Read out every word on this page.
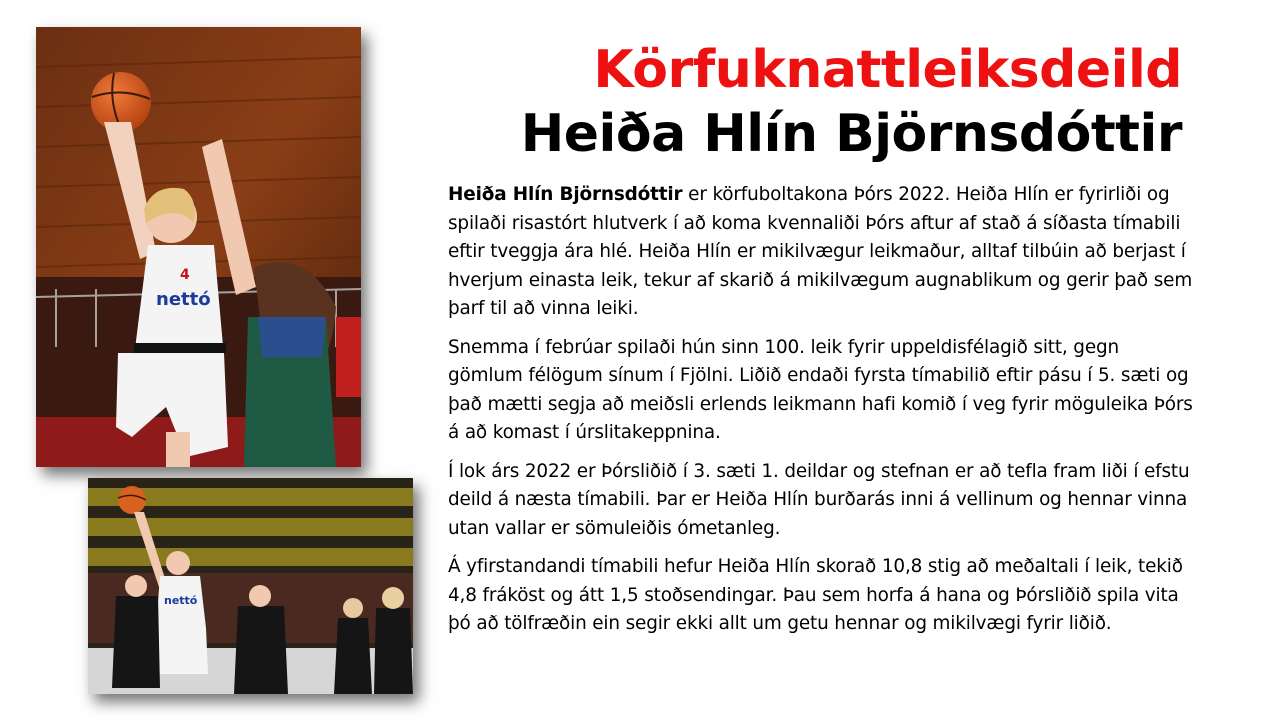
nettó
4
nettó
Körfuknattleiksdeild
Heiða Hlín Björnsdóttir

Heiða Hlín Björnsdóttir er körfuboltakona Þórs 2022. Heiða Hlín er fyrirliði og spilaði risastórt hlutverk í að koma kvennaliði Þórs aftur af stað á síðasta tímabili eftir tveggja ára hlé. Heiða Hlín er mikilvægur leikmaður, alltaf tilbúin að berjast í hverjum einasta leik, tekur af skarið á mikilvægum augnablikum og gerir það sem þarf til að vinna leiki.

Snemma í febrúar spilaði hún sinn 100. leik fyrir uppeldisfélagið sitt, gegn gömlum félögum sínum í Fjölni. Liðið endaði fyrsta tímabilið eftir pásu í 5. sæti og það mætti segja að meiðsli erlends leikmann hafi komið í veg fyrir möguleika Þórs á að komast í úrslitakeppnina.

Í lok árs 2022 er Þórsliðið í 3. sæti 1. deildar og stefnan er að tefla fram liði í efstu deild á næsta tímabili. Þar er Heiða Hlín burðarás inni á vellinum og hennar vinna utan vallar er sömuleiðis ómetanleg.

Á yfirstandandi tímabili hefur Heiða Hlín skorað 10,8 stig að meðaltali í leik, tekið 4,8 fráköst og átt 1,5 stoðsendingar. Þau sem horfa á hana og Þórsliðið spila vita þó að tölfræðin ein segir ekki allt um getu hennar og mikilvægi fyrir liðið.
